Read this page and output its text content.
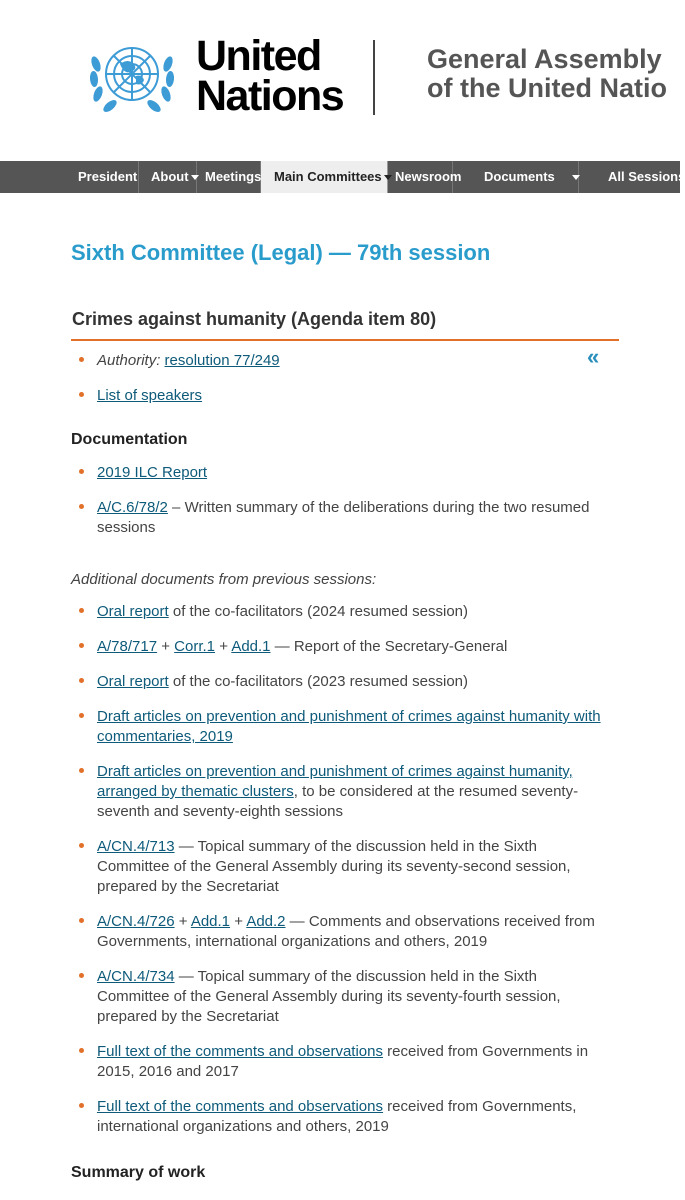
United
Nations
General Assembly
of the United Natio
President	About	Meetings Main Committees	Newsroom	Documents	All Sessions
Sixth Committee (Legal) — 79th session
Crimes against humanity (Agenda item 80)
«
Authority: resolution 77/249
List of speakers
Documentation
2019 ILC Report
A/C.6/78/2 – Written summary of the deliberations during the two resumed sessions
Additional documents from previous sessions:
Oral report of the co-facilitators (2024 resumed session)
A/78/717 + Corr.1 + Add.1 — Report of the Secretary-General
Oral report of the co-facilitators (2023 resumed session)
Draft articles on prevention and punishment of crimes against humanity with commentaries, 2019
Draft articles on prevention and punishment of crimes against humanity, arranged by thematic clusters, to be considered at the resumed seventy-seventh and seventy-eighth sessions
A/CN.4/713 — Topical summary of the discussion held in the Sixth Committee of the General Assembly during its seventy-second session, prepared by the Secretariat
A/CN.4/726 + Add.1 + Add.2 — Comments and observations received from Governments, international organizations and others, 2019
A/CN.4/734 — Topical summary of the discussion held in the Sixth Committee of the General Assembly during its seventy-fourth session, prepared by the Secretariat
Full text of the comments and observations received from Governments in 2015, 2016 and 2017
Full text of the comments and observations received from Governments, international organizations and others, 2019
Summary of work
